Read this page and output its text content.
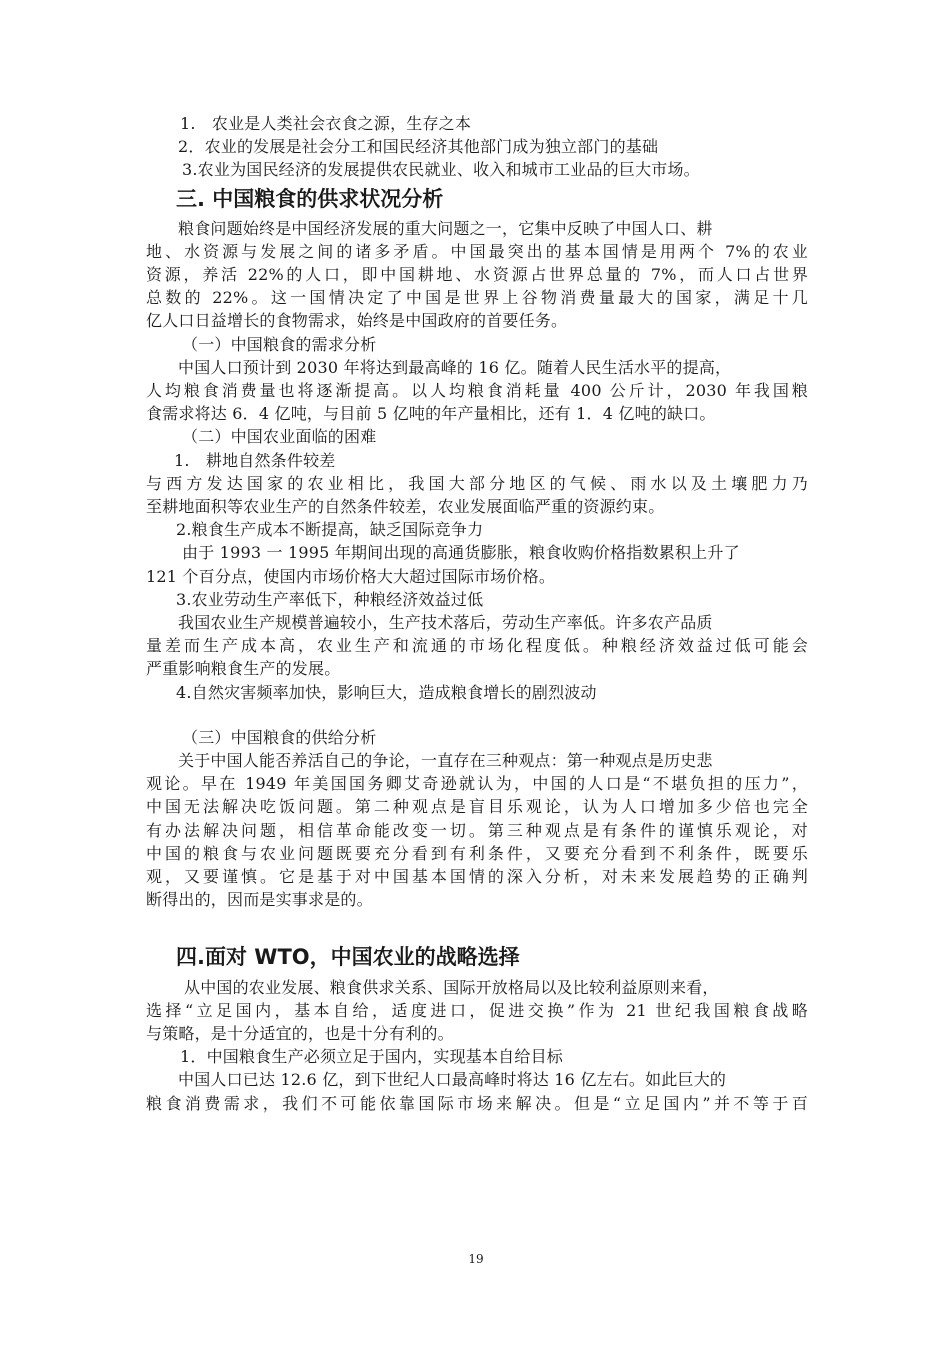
1.　农业是人类社会衣食之源，生存之本
2．农业的发展是社会分工和国民经济其他部门成为独立部门的基础
3.农业为国民经济的发展提供农民就业、收入和城市工业品的巨大市场。
三. 中国粮食的供求状况分析
粮食问题始终是中国经济发展的重大问题之一，它集中反映了中国人口、耕
地、水资源与发展之间的诸多矛盾。中国最突出的基本国情是用两个 7%的农业
资源，养活 22%的人口，即中国耕地、水资源占世界总量的 7%，而人口占世界
总数的 22%。这一国情决定了中国是世界上谷物消费量最大的国家，满足十几
亿人口日益增长的食物需求，始终是中国政府的首要任务。
（一）中国粮食的需求分析
中国人口预计到 2030 年将达到最高峰的 16 亿。随着人民生活水平的提高，
人均粮食消费量也将逐渐提高。以人均粮食消耗量 400 公斤计，2030 年我国粮
食需求将达 6．4 亿吨，与目前 5 亿吨的年产量相比，还有 1．4 亿吨的缺口。
（二）中国农业面临的困难
1.　耕地自然条件较差
与西方发达国家的农业相比，我国大部分地区的气候、雨水以及土壤肥力乃
至耕地面积等农业生产的自然条件较差，农业发展面临严重的资源约束。
2.粮食生产成本不断提高，缺乏国际竞争力
由于 1993 一 1995 年期间出现的高通货膨胀，粮食收购价格指数累积上升了
121 个百分点，使国内市场价格大大超过国际市场价格。
3.农业劳动生产率低下，种粮经济效益过低
我国农业生产规模普遍较小，生产技术落后，劳动生产率低。许多农产品质
量差而生产成本高，农业生产和流通的市场化程度低。种粮经济效益过低可能会
严重影响粮食生产的发展。
4.自然灾害频率加快，影响巨大，造成粮食增长的剧烈波动
（三）中国粮食的供给分析
关于中国人能否养活自己的争论，一直存在三种观点：第一种观点是历史悲
观论。早在 1949 年美国国务卿艾奇逊就认为，中国的人口是“不堪负担的压力”，
中国无法解决吃饭问题。第二种观点是盲目乐观论，认为人口增加多少倍也完全
有办法解决问题，相信革命能改变一切。第三种观点是有条件的谨慎乐观论，对
中国的粮食与农业问题既要充分看到有利条件，又要充分看到不利条件，既要乐
观，又要谨慎。它是基于对中国基本国情的深入分析，对未来发展趋势的正确判
断得出的，因而是实事求是的。
四.面对 WTO，中国农业的战略选择
从中国的农业发展、粮食供求关系、国际开放格局以及比较利益原则来看，
选择“立足国内，基本自给，适度进口，促进交换”作为 21 世纪我国粮食战略
与策略，是十分适宜的，也是十分有利的。
1．中国粮食生产必须立足于国内，实现基本自给目标
中国人口已达 12.6 亿，到下世纪人口最高峰时将达 16 亿左右。如此巨大的
粮食消费需求，我们不可能依靠国际市场来解决。但是“立足国内”并不等于百
19
